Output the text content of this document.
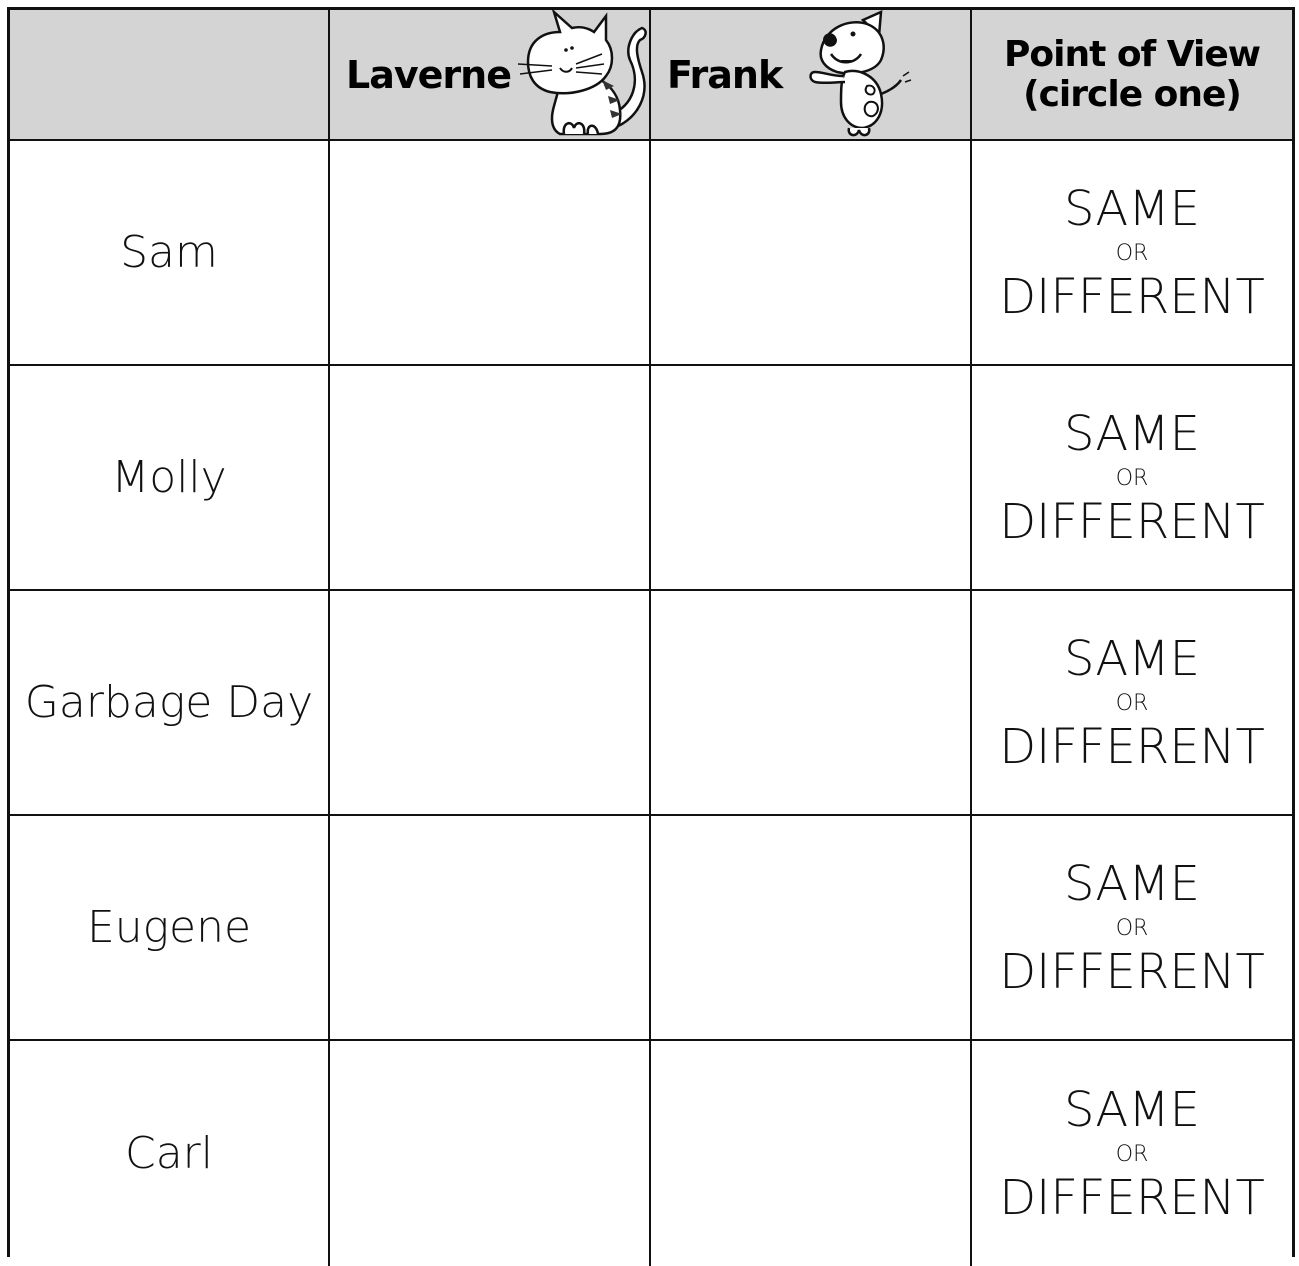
Laverne	Frank	Point of View
(circle one)
Sam
SAME
OR
DIFFERENT
Molly
SAME
OR
DIFFERENT
Garbage Day
SAME
OR
DIFFERENT
Eugene
SAME
OR
DIFFERENT
Carl
SAME
OR
DIFFERENT
